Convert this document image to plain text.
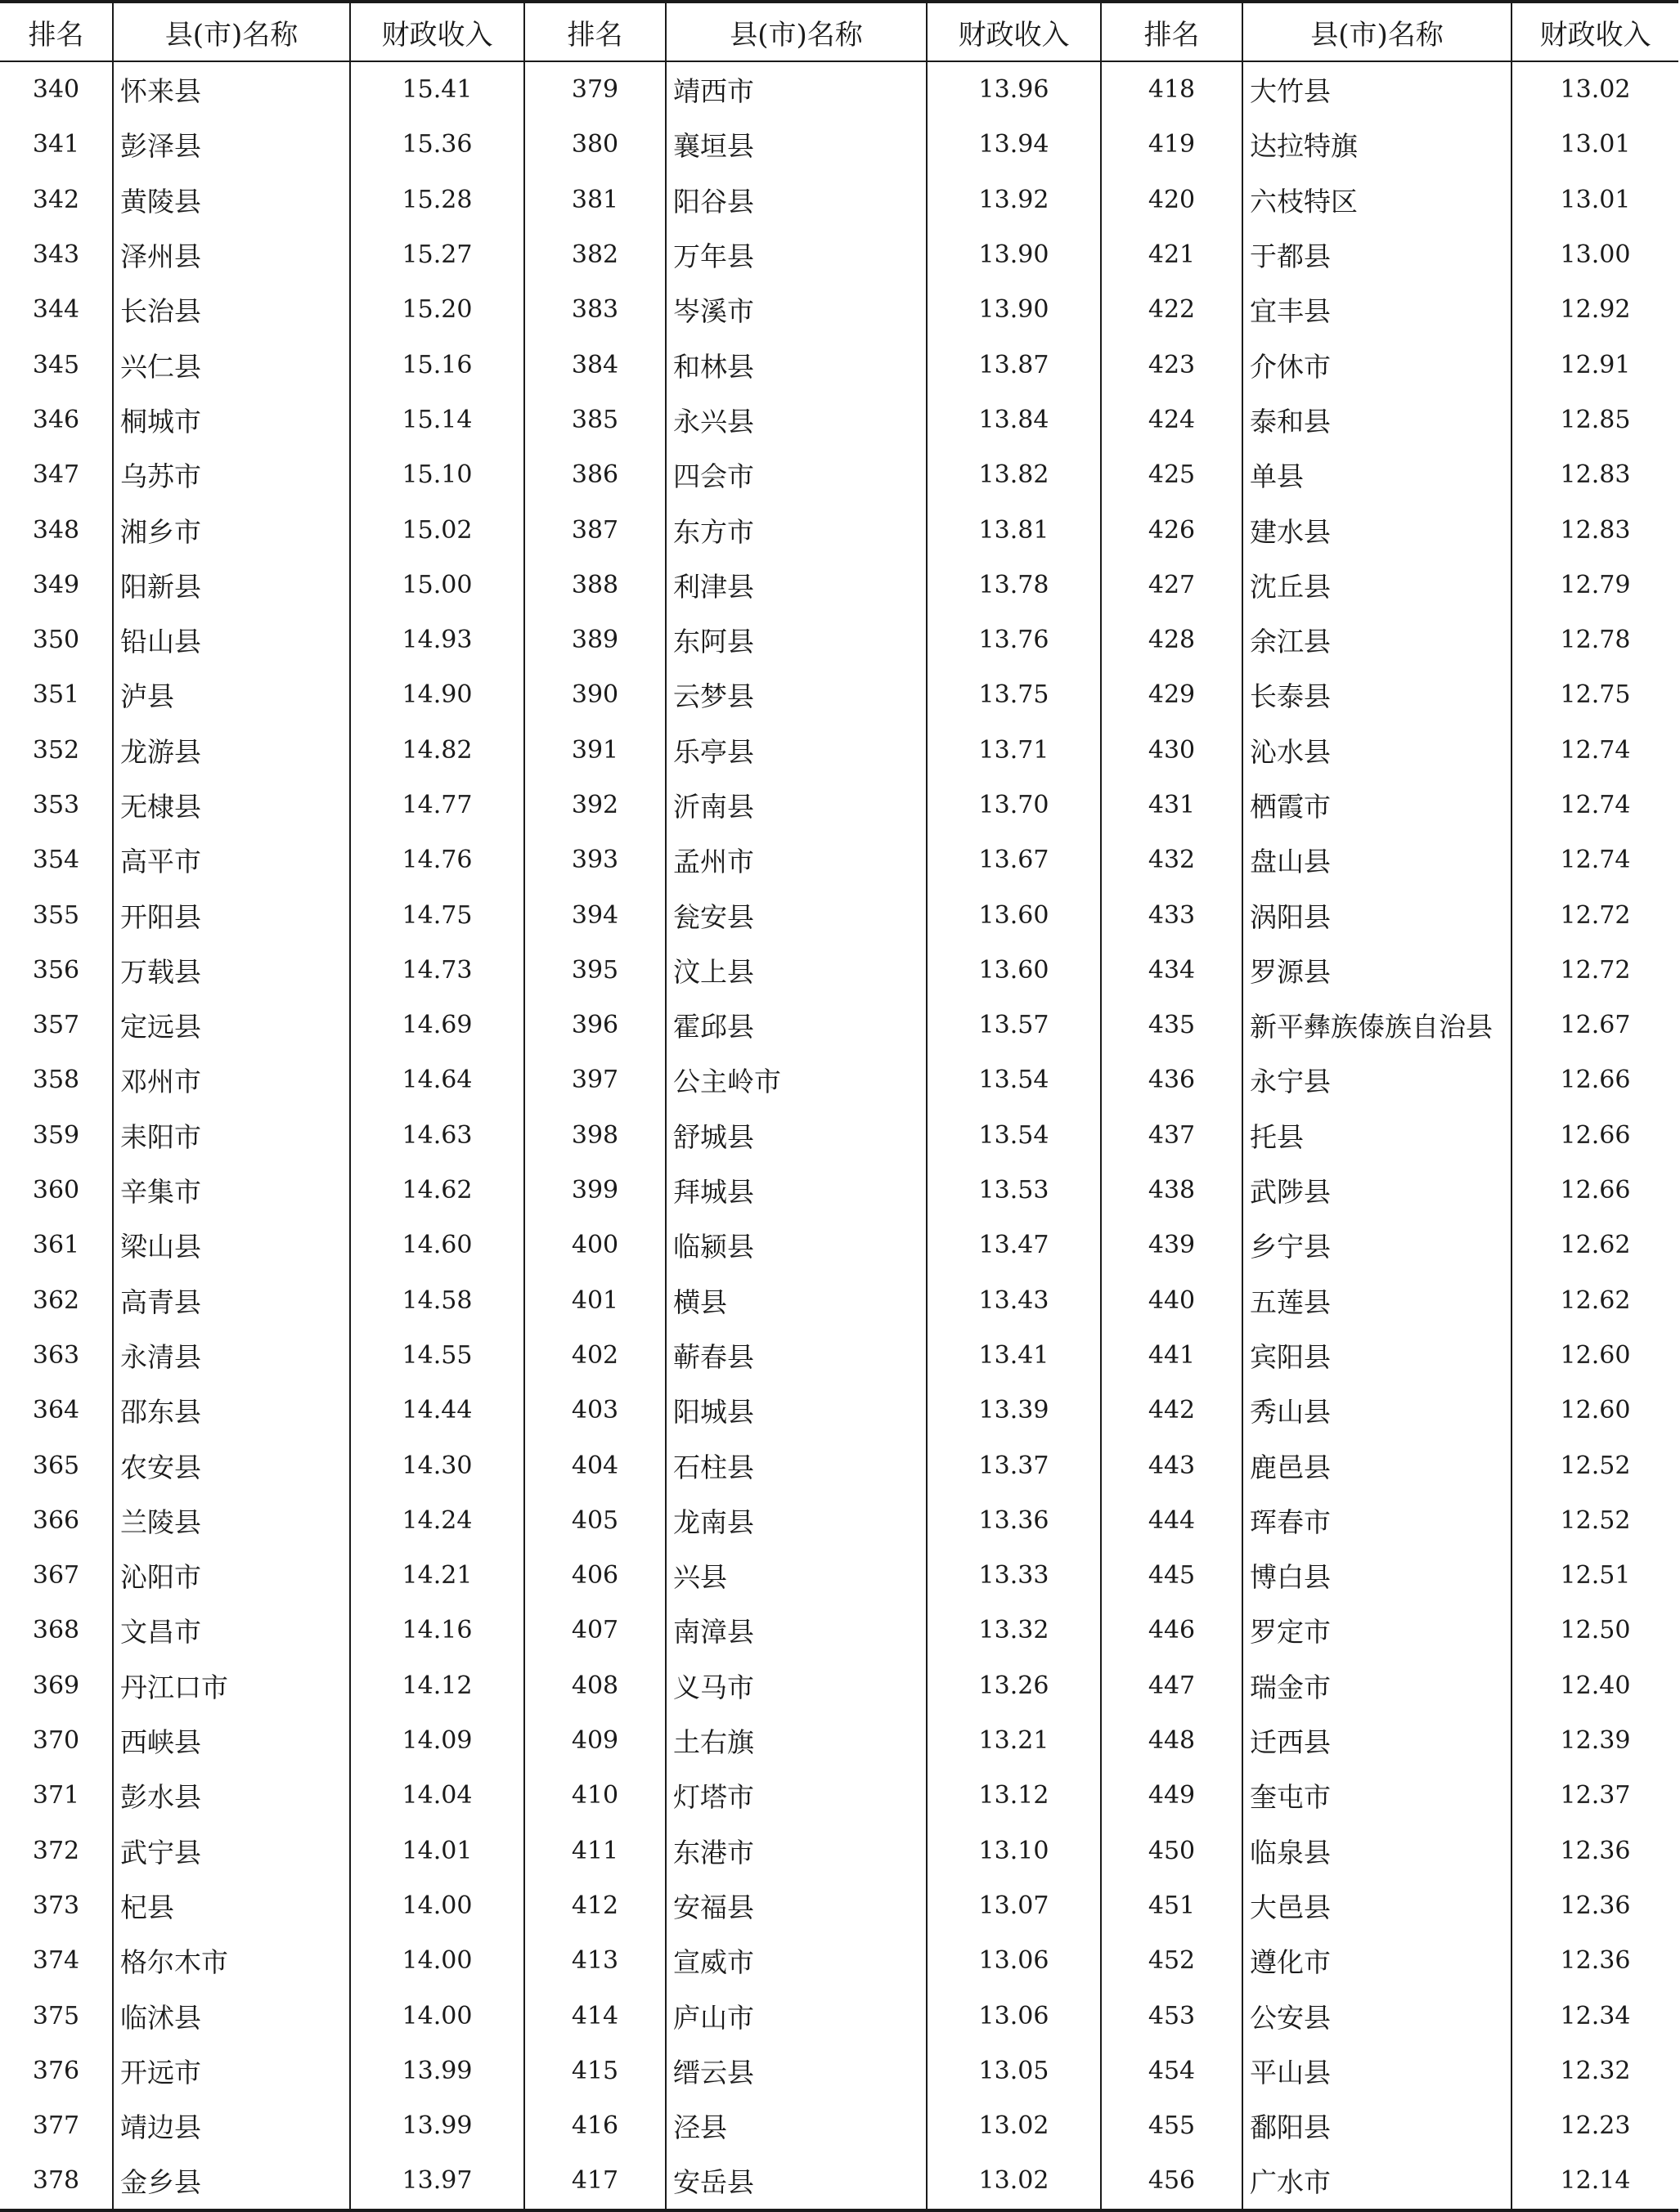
排名	县(市)名称	财政收入	排名	县(市)名称	财政收入	排名	县(市)名称	财政收入
340	怀来县	15.41	379	靖西市	13.96	418	大竹县	13.02
341	彭泽县	15.36	380	襄垣县	13.94	419	达拉特旗	13.01
342	黄陵县	15.28	381	阳谷县	13.92	420	六枝特区	13.01
343	泽州县	15.27	382	万年县	13.90	421	于都县	13.00
344	长治县	15.20	383	岑溪市	13.90	422	宜丰县	12.92
345	兴仁县	15.16	384	和林县	13.87	423	介休市	12.91
346	桐城市	15.14	385	永兴县	13.84	424	泰和县	12.85
347	乌苏市	15.10	386	四会市	13.82	425	单县	12.83
348	湘乡市	15.02	387	东方市	13.81	426	建水县	12.83
349	阳新县	15.00	388	利津县	13.78	427	沈丘县	12.79
350	铅山县	14.93	389	东阿县	13.76	428	余江县	12.78
351	泸县	14.90	390	云梦县	13.75	429	长泰县	12.75
352	龙游县	14.82	391	乐亭县	13.71	430	沁水县	12.74
353	无棣县	14.77	392	沂南县	13.70	431	栖霞市	12.74
354	高平市	14.76	393	孟州市	13.67	432	盘山县	12.74
355	开阳县	14.75	394	瓮安县	13.60	433	涡阳县	12.72
356	万载县	14.73	395	汶上县	13.60	434	罗源县	12.72
357	定远县	14.69	396	霍邱县	13.57	435	新平彝族傣族自治县	12.67
358	邓州市	14.64	397	公主岭市	13.54	436	永宁县	12.66
359	耒阳市	14.63	398	舒城县	13.54	437	托县	12.66
360	辛集市	14.62	399	拜城县	13.53	438	武陟县	12.66
361	梁山县	14.60	400	临颍县	13.47	439	乡宁县	12.62
362	高青县	14.58	401	横县	13.43	440	五莲县	12.62
363	永清县	14.55	402	蕲春县	13.41	441	宾阳县	12.60
364	邵东县	14.44	403	阳城县	13.39	442	秀山县	12.60
365	农安县	14.30	404	石柱县	13.37	443	鹿邑县	12.52
366	兰陵县	14.24	405	龙南县	13.36	444	珲春市	12.52
367	沁阳市	14.21	406	兴县	13.33	445	博白县	12.51
368	文昌市	14.16	407	南漳县	13.32	446	罗定市	12.50
369	丹江口市	14.12	408	义马市	13.26	447	瑞金市	12.40
370	西峡县	14.09	409	土右旗	13.21	448	迁西县	12.39
371	彭水县	14.04	410	灯塔市	13.12	449	奎屯市	12.37
372	武宁县	14.01	411	东港市	13.10	450	临泉县	12.36
373	杞县	14.00	412	安福县	13.07	451	大邑县	12.36
374	格尔木市	14.00	413	宣威市	13.06	452	遵化市	12.36
375	临沭县	14.00	414	庐山市	13.06	453	公安县	12.34
376	开远市	13.99	415	缙云县	13.05	454	平山县	12.32
377	靖边县	13.99	416	泾县	13.02	455	鄱阳县	12.23
378	金乡县	13.97	417	安岳县	13.02	456	广水市	12.14
